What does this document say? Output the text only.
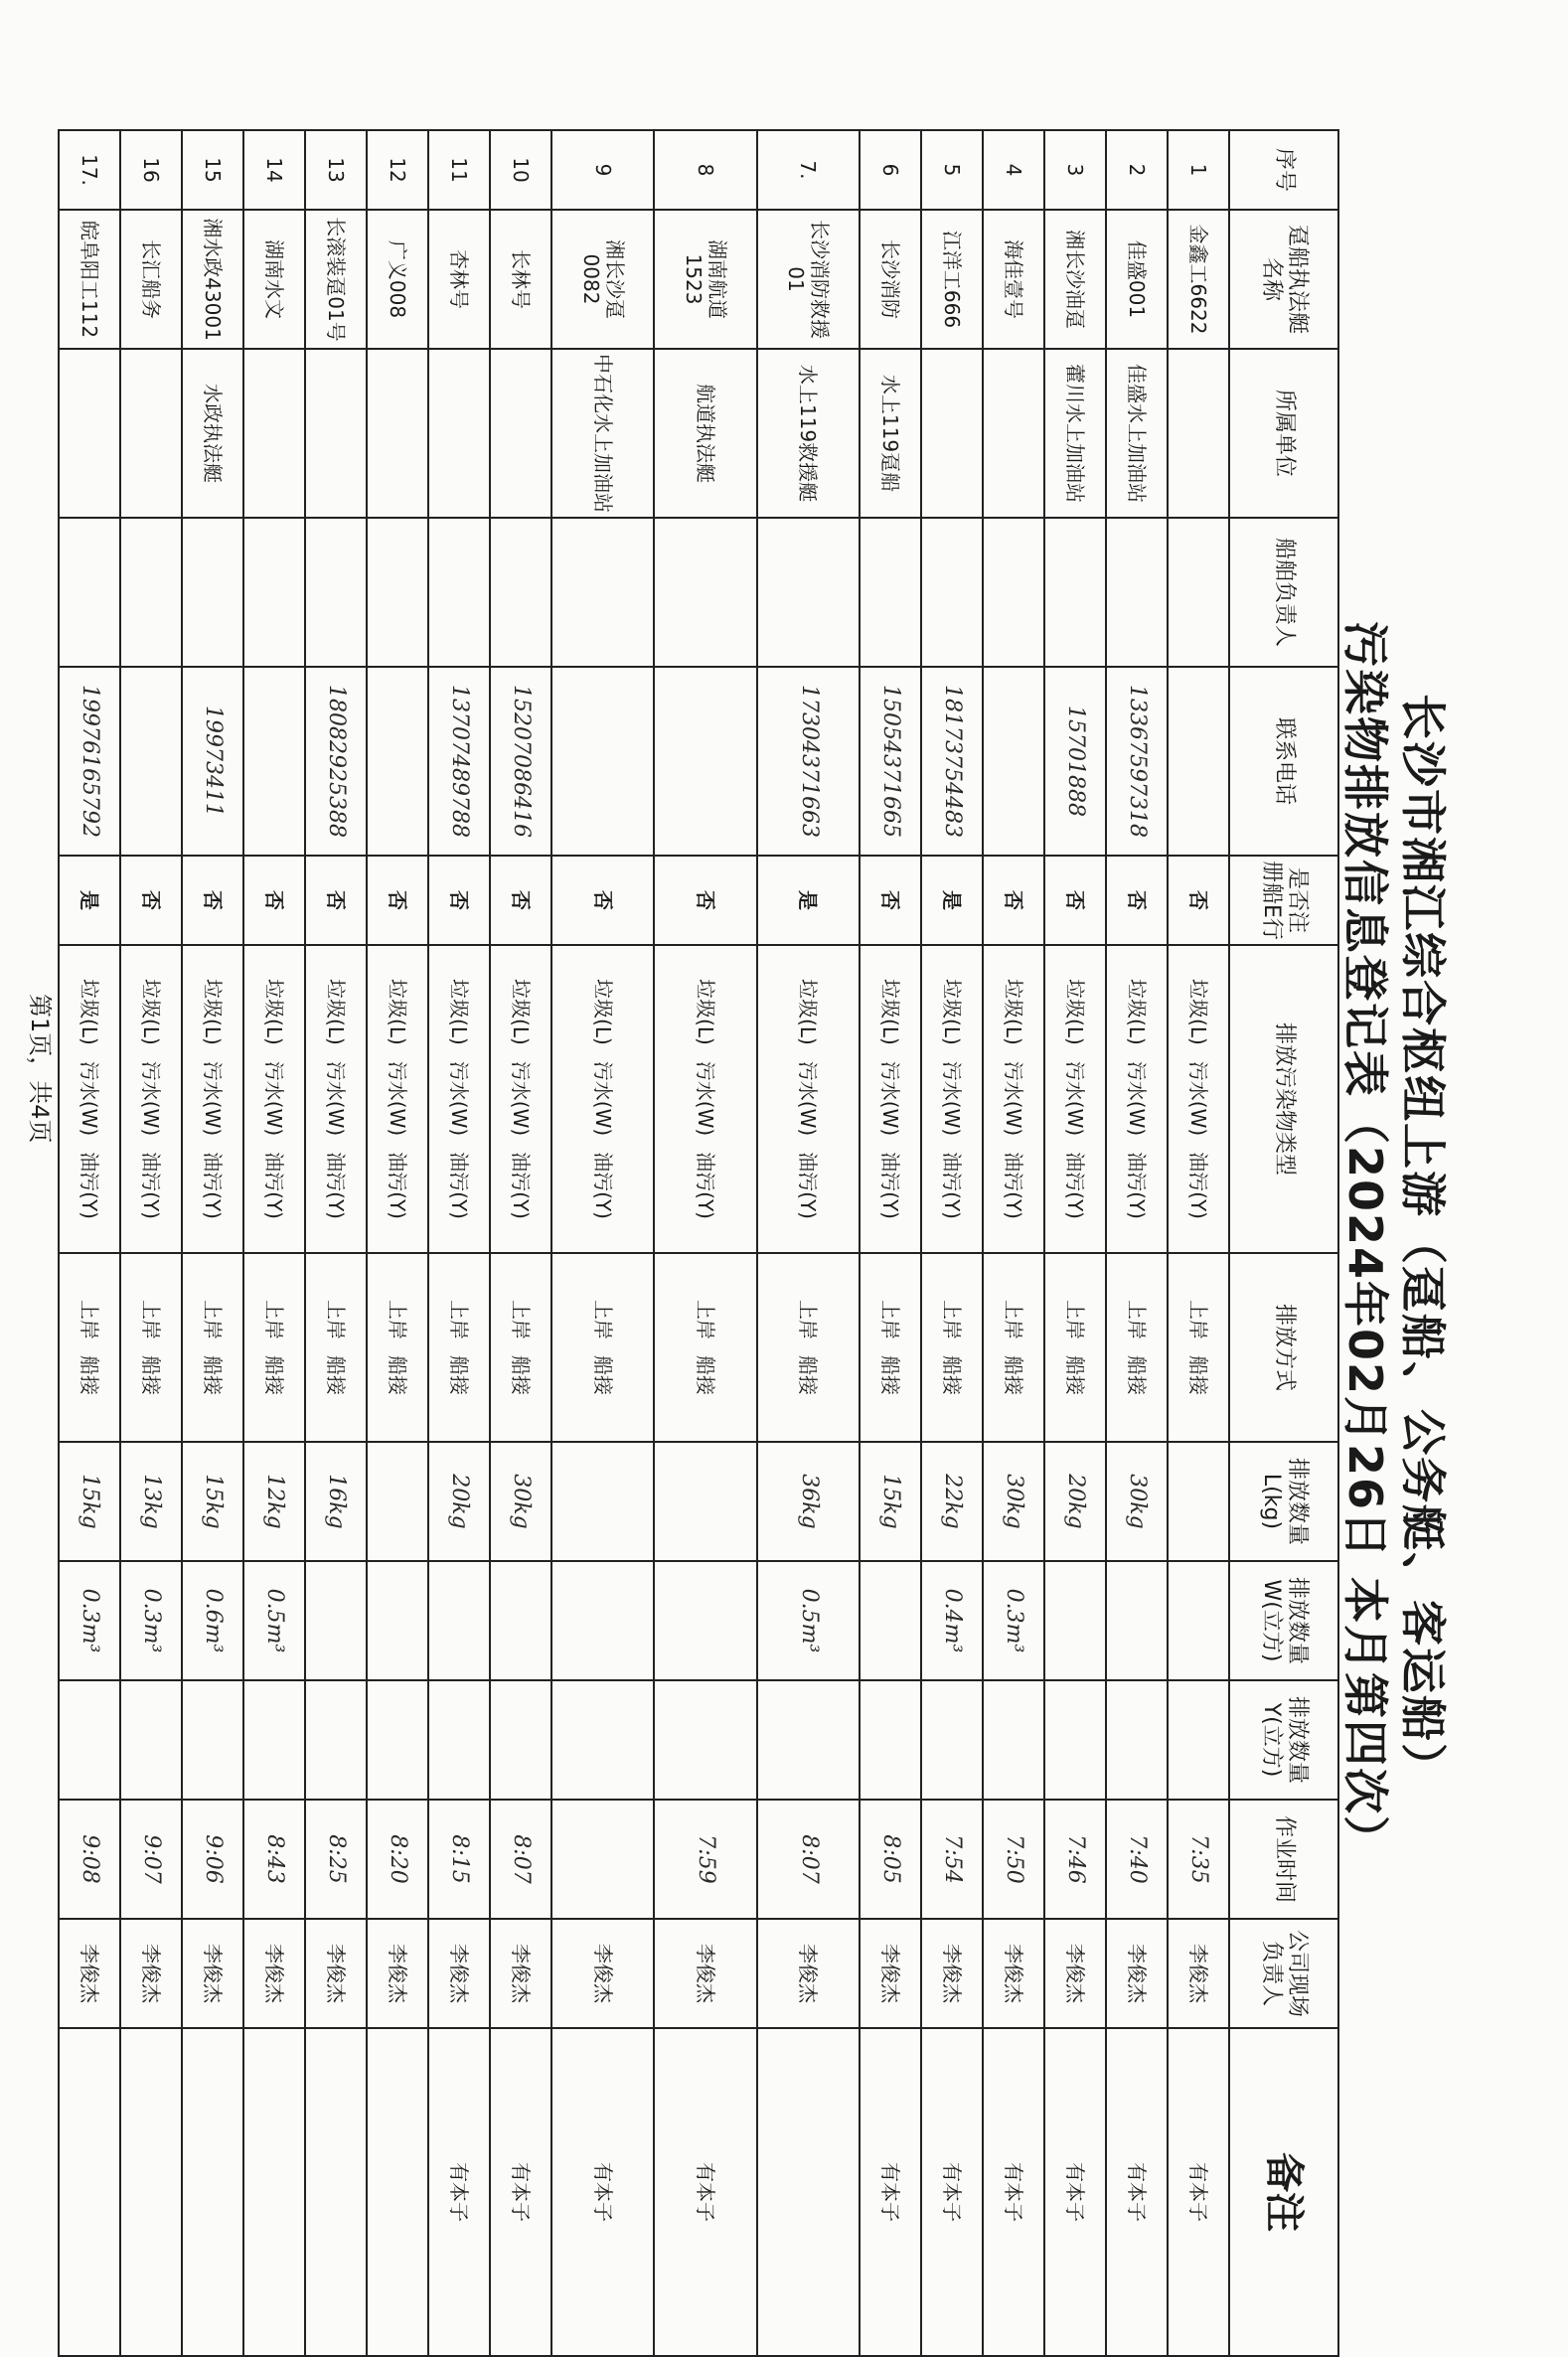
长沙市湘江综合枢纽上游（趸船、公务艇、客运船）
污染物排放信息登记表（2024年02月26日 本月第四次）
序号	趸船执法艇名称	所属单位	船舶负责人	联系电话	是否注册船E行	排放污染物类型	排放方式	排放数量L(kg)	排放数量W(立方)	排放数量Y(立方)	作业时间	公司现场负责人	备注
1	金鑫工6622				否	垃圾(L)污水(W)油污(Y)	上岸船接				7:35	李俊杰	有本子
2	佳盛001	佳盛水上加油站		13367597318	否	垃圾(L)污水(W)油污(Y)	上岸船接	30kg			7:40	李俊杰	有本子
3	湘长沙油趸	藿川水上加油站		15701888	否	垃圾(L)污水(W)油污(Y)	上岸船接	20kg			7:46	李俊杰	有本子
4	海佳壹号				否	垃圾(L)污水(W)油污(Y)	上岸船接	30kg	0.3m³		7:50	李俊杰	有本子
5	江洋工666			18173754483	是	垃圾(L)污水(W)油污(Y)	上岸船接	22kg	0.4m³		7:54	李俊杰	有本子
6	长沙消防	水上119趸船		15054371665	否	垃圾(L)污水(W)油污(Y)	上岸船接	15kg			8:05	李俊杰	有本子
7.	长沙消防救援01	水上119救援艇		17304371663	是	垃圾(L)污水(W)油污(Y)	上岸船接	36kg	0.5m³		8:07	李俊杰	
8	湖南航道1523	航道执法艇			否	垃圾(L)污水(W)油污(Y)	上岸船接				7:59	李俊杰	有本子
9	湘长沙趸0082	中石化水上加油站			否	垃圾(L)污水(W)油污(Y)	上岸船接					李俊杰	有本子
10	长林号			15207086416	否	垃圾(L)污水(W)油污(Y)	上岸船接	30kg			8:07	李俊杰	有本子
11	杏林号			13707489788	否	垃圾(L)污水(W)油污(Y)	上岸船接	20kg			8:15	李俊杰	有本子
12	广义008				否	垃圾(L)污水(W)油污(Y)	上岸船接				8:20	李俊杰	
13	长滚装趸01号			18082925388	否	垃圾(L)污水(W)油污(Y)	上岸船接	16kg			8:25	李俊杰	
14	湖南水文				否	垃圾(L)污水(W)油污(Y)	上岸船接	12kg	0.5m³		8:43	李俊杰	
15	湘水政43001	水政执法艇		19973411	否	垃圾(L)污水(W)油污(Y)	上岸船接	15kg	0.6m³		9:06	李俊杰	
16	长汇船务				否	垃圾(L)污水(W)油污(Y)	上岸船接	13kg	0.3m³		9:07	李俊杰	
17.	皖阜阳工112			19976165792	是	垃圾(L)污水(W)油污(Y)	上岸船接	15kg	0.3m³		9:08	李俊杰	
第1页，共4页
